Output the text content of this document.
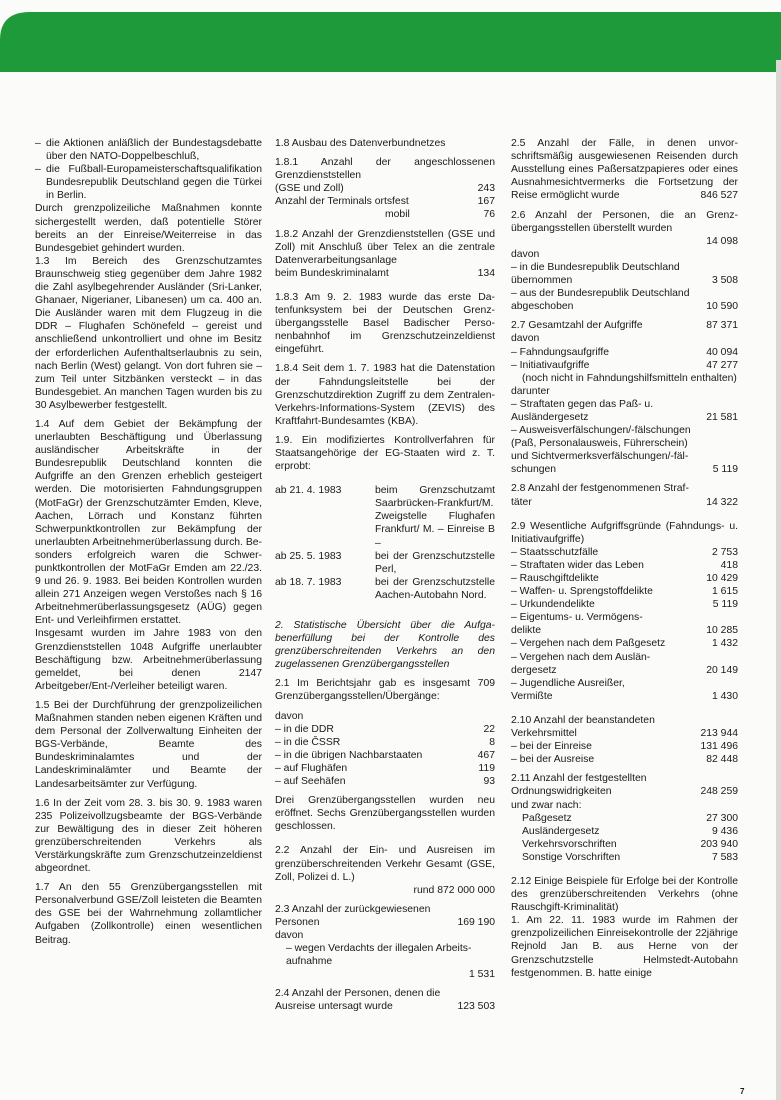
– die Aktionen anläßlich der Bundestagsdebatte über den NATO-Doppelbeschluß,
– die Fußball-Europameisterschaftsqualifikation Bundesrepublik Deutschland gegen die Türkei in Berlin.

Durch grenzpolizeiliche Maßnahmen konnte sichergestellt werden, daß potentielle Störer bereits an der Einreise/Weiterreise in das Bundesgebiet gehindert wurden.

1.3 Im Bereich des Grenzschutzamtes Braunschweig stieg gegenüber dem Jahre 1982 die Zahl asylbegehrender Ausländer (Sri-Lanker, Ghanaer, Nigerianer, Libanesen) um ca. 400 an. Die Ausländer waren mit dem Flugzeug in die DDR – Flughafen Schönefeld – gereist und anschließend unkontrolliert und ohne im Besitz der erforderlichen Aufenthaltserlaubnis zu sein, nach Berlin (West) gelangt. Von dort fuhren sie – zum Teil unter Sitzbänken versteckt – in das Bundesgebiet. An manchen Tagen wurden bis zu 30 Asylbewerber festgestellt.

1.4 Auf dem Gebiet der Bekämpfung der unerlaubten Beschäftigung und Überlassung ausländischer Arbeitskräfte in der Bundesrepublik Deutschland konnten die Aufgriffe an den Grenzen erheblich gesteigert werden. Die motorisierten Fahndungsgruppen (MotFaGr) der Grenzschutzämter Emden, Kleve, Aachen, Lörrach und Konstanz führten Schwerpunktkontrollen zur Bekämpfung der unerlaubten Arbeitnehmerüberlassung durch. Besonders erfolgreich waren die Schwerpunktkontrollen der MotFaGr Emden am 22./23. 9 und 26. 9. 1983. Bei beiden Kontrollen wurden allein 271 Anzeigen wegen Verstoßes nach § 16 Arbeitnehmerüberlassungsgesetz (AÜG) gegen Ent- und Verleihfirmen erstattet.

Insgesamt wurden im Jahre 1983 von den Grenzdienststellen 1048 Aufgriffe unerlaubter Beschäftigung bzw. Arbeitnehmerüberlassung gemeldet, bei denen 2147 Arbeitgeber/Ent-/Verleiher beteiligt waren.

1.5 Bei der Durchführung der grenzpolizeilichen Maßnahmen standen neben eigenen Kräften und dem Personal der Zollverwaltung Einheiten der BGS-Verbände, Beamte des Bundeskriminalamtes und der Landeskriminalämter und Beamte der Landesarbeitsämter zur Verfügung.

1.6 In der Zeit vom 28. 3. bis 30. 9. 1983 waren 235 Polizeivollzugsbeamte der BGS-Verbände zur Bewältigung des in dieser Zeit höheren grenzüberschreitenden Verkehrs als Verstärkungskräfte zum Grenzschutzeinzeldienst abgeordnet.

1.7 An den 55 Grenzübergangsstellen mit Personalverbund GSE/Zoll leisteten die Beamten des GSE bei der Wahrnehmung zollamtlicher Aufgaben (Zollkontrolle) einen wesentlichen Beitrag.

1.8 Ausbau des Datenverbundnetzes

1.8.1 Anzahl der angeschlossenen Grenzdienststellen

(GSE und Zoll)	243
Anzahl der Terminals ortsfest	167
mobil	76

1.8.2 Anzahl der Grenzdienststellen (GSE und Zoll) mit Anschluß über Telex an die zentrale Datenverarbeitungsanlage

beim Bundeskriminalamt	134

1.8.3 Am 9. 2. 1983 wurde das erste Datenfunksystem bei der Deutschen Grenzübergangsstelle Basel Badischer Personenbahnhof im Grenzschutzeinzeldienst eingeführt.

1.8.4 Seit dem 1. 7. 1983 hat die Datenstation der Fahndungsleitstelle bei der Grenzschutzdirektion Zugriff zu dem Zentralen-Verkehrs-Informations-System (ZEVIS) des Kraftfahrt-Bundesamtes (KBA).

1.9. Ein modifiziertes Kontrollverfahren für Staatsangehörige der EG-Staaten wird z. T. erprobt:

ab 21. 4. 1983	beim Grenzschutzamt Saarbrücken-Frankfurt/M. Zweigstelle Flughafen Frankfurt/ M. – Einreise B –
ab 25. 5. 1983	bei der Grenzschutzstelle Perl,
ab 18. 7. 1983	bei der Grenzschutzstelle Aachen-Autobahn Nord.

2. Statistische Übersicht über die Aufgabenerfüllung bei der Kontrolle des grenzüberschreitenden Verkehrs an den zugelassenen Grenzübergangsstellen

2.1 Im Berichtsjahr gab es insgesamt 709 Grenzübergangsstellen/Übergänge:

davon

– in die DDR	22
– in die ČSSR	8
– in die übrigen Nachbarstaaten	467
– auf Flughäfen	119
– auf Seehäfen	93

Drei Grenzübergangsstellen wurden neu eröffnet. Sechs Grenzübergangsstellen wurden geschlossen.

2.2 Anzahl der Ein- und Ausreisen im grenzüberschreitenden Verkehr Gesamt (GSE, Zoll, Polizei d. L.)

rund 872 000 000
2.3 Anzahl der zurückgewiesenen Personen	169 190

davon

– wegen Verdachts der illegalen Arbeitsaufnahme
1 531
2.4 Anzahl der Personen, denen die Ausreise untersagt wurde	123 503

2.5 Anzahl der Fälle, in denen unvorschriftsmäßig ausgewiesenen Reisenden durch Ausstellung eines Paßersatzpapieres oder eines Ausnahmesichtvermerks die Fortsetzung der Reise ermöglicht wurde	846 527

2.6 Anzahl der Personen, die an Grenzübergangsstellen überstellt wurden

14 098

davon

– in die Bundesrepublik Deutschland übernommen	3 508
– aus der Bundesrepublik Deutschland abgeschoben	10 590
2.7 Gesamtzahl der Aufgriffe	87 371

davon

– Fahndungsaufgriffe	40 094
– Initiativaufgriffe	47 277

(noch nicht in Fahndungshilfsmitteln enthalten)

darunter

– Straftaten gegen das Paß- u. Ausländergesetz	21 581
– Ausweisverfälschungen/-fälschungen (Paß, Personalausweis, Führerschein) und Sichtvermerksverfälschungen/-fälschungen	5 119
2.8 Anzahl der festgenommenen Straftäter	14 322

2.9 Wesentliche Aufgriffsgründe (Fahndungs- u. Initiativaufgriffe)

– Staatsschutzfälle	2 753
– Straftaten wider das Leben	418
– Rauschgiftdelikte	10 429
– Waffen- u. Sprengstoffdelikte	1 615
– Urkundendelikte	5 119
– Eigentums- u. Vermögensdelikte	10 285
– Vergehen nach dem Paßgesetz	1 432
– Vergehen nach dem Ausländergesetz	20 149
– Jugendliche Ausreißer, Vermißte	1 430
2.10 Anzahl der beanstandeten Verkehrsmittel	213 944
– bei der Einreise	131 496
– bei der Ausreise	82 448
2.11 Anzahl der festgestellten Ordnungswidrigkeiten	248 259

und zwar nach:

Paßgesetz	27 300
Ausländergesetz	9 436
Verkehrsvorschriften	203 940
Sonstige Vorschriften	7 583

2.12 Einige Beispiele für Erfolge bei der Kontrolle des grenzüberschreitenden Verkehrs (ohne Rauschgift-Kriminalität)

1. Am 22. 11. 1983 wurde im Rahmen der grenzpolizeilichen Einreisekontrolle der 22jährige Rejnold Jan B. aus Herne von der Grenzschutzstelle Helmstedt-Autobahn festgenommen. B. hatte einige
7
